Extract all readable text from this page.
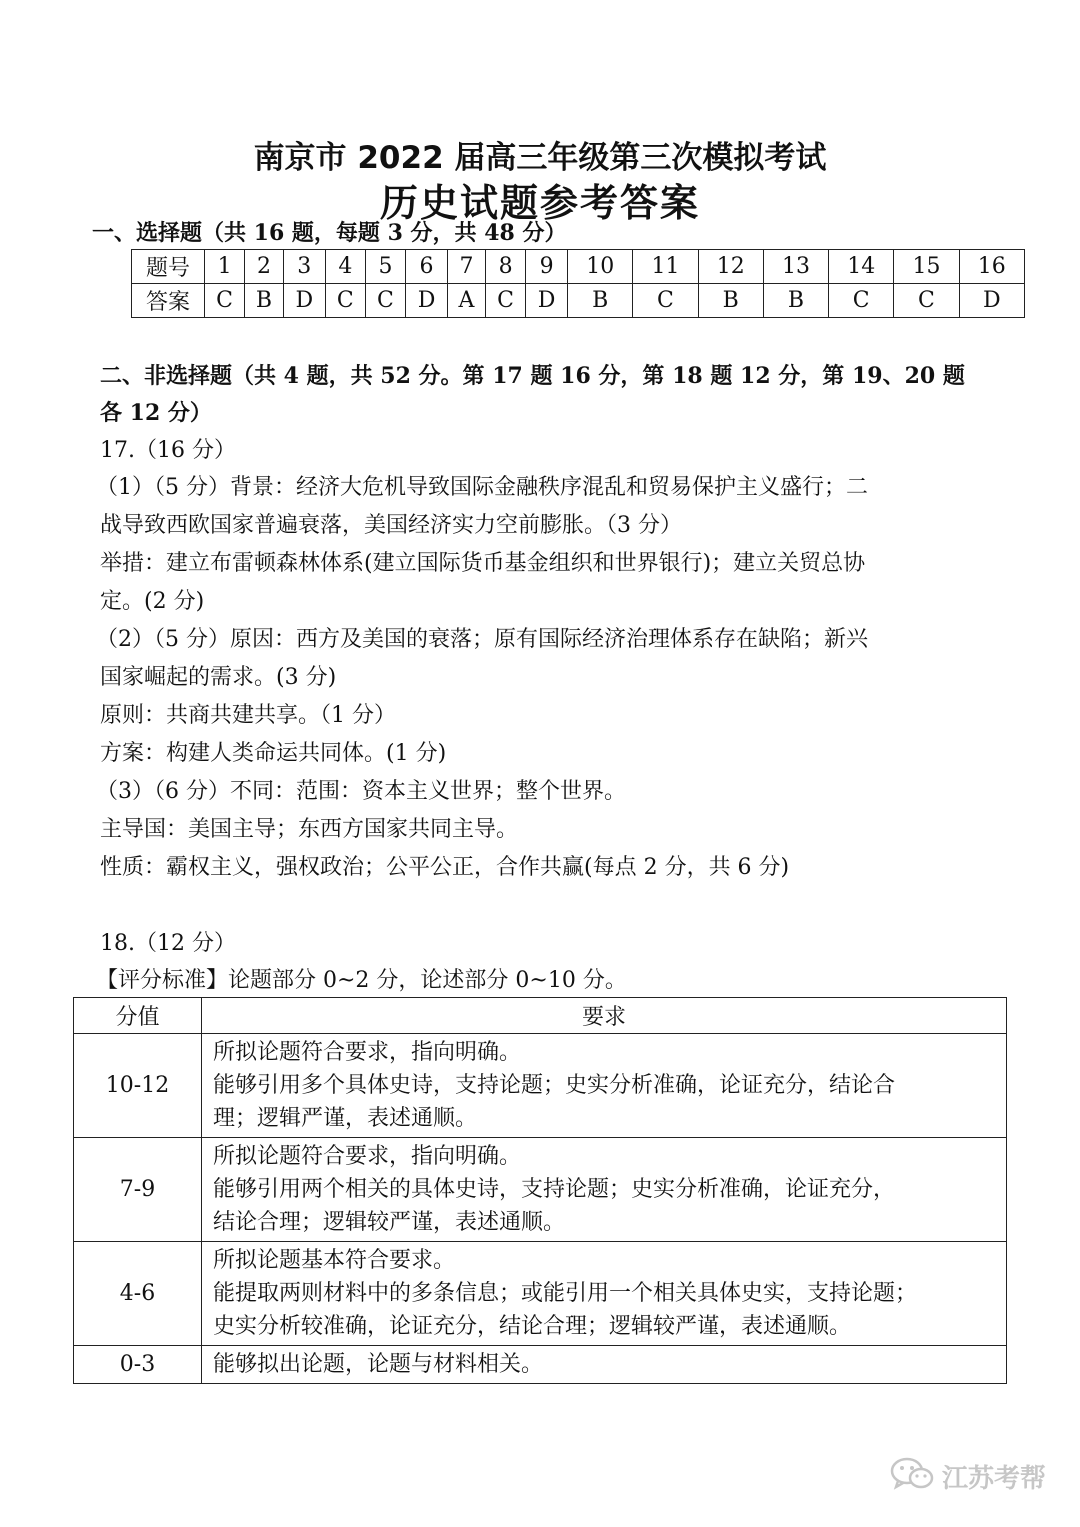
南京市 2022 届高三年级第三次模拟考试
历史试题参考答案
一、选择题（共 16 题，每题 3 分，共 48 分）
题号	1	2	3	4	5	6	7	8	9	10	11	12	13	14	15	16
答案	C	B	D	C	C	D	A	C	D	B	C	B	B	C	C	D
二、非选择题（共 4 题，共 52 分。第 17 题 16 分，第 18 题 12 分，第 19、20 题
各 12 分）
17.（16 分）
（1）（5 分）背景：经济大危机导致国际金融秩序混乱和贸易保护主义盛行；二
战导致西欧国家普遍衰落，美国经济实力空前膨胀。（3 分）
举措：建立布雷顿森林体系(建立国际货币基金组织和世界银行)；建立关贸总协
定。(2 分)
（2）（5 分）原因：西方及美国的衰落；原有国际经济治理体系存在缺陷；新兴
国家崛起的需求。(3 分)
原则：共商共建共享。（1 分）
方案：构建人类命运共同体。(1 分)
（3）（6 分）不同：范围：资本主义世界；整个世界。
主导国：美国主导；东西方国家共同主导。
性质：霸权主义，强权政治；公平公正，合作共赢(每点 2 分，共 6 分)
18.（12 分）
【评分标准】论题部分 0~2 分，论述部分 0~10 分。
分值	要求
10-12	所拟论题符合要求，指向明确。
能够引用多个具体史诗，支持论题；史实分析准确，论证充分，结论合
理；逻辑严谨，表述通顺。

7-9	所拟论题符合要求，指向明确。
能够引用两个相关的具体史诗，支持论题；史实分析准确，论证充分，
结论合理；逻辑较严谨，表述通顺。

4-6	所拟论题基本符合要求。
能提取两则材料中的多条信息；或能引用一个相关具体史实，支持论题；
史实分析较准确，论证充分，结论合理；逻辑较严谨，表述通顺。

0-3	能够拟出论题，论题与材料相关。
江苏考帮
